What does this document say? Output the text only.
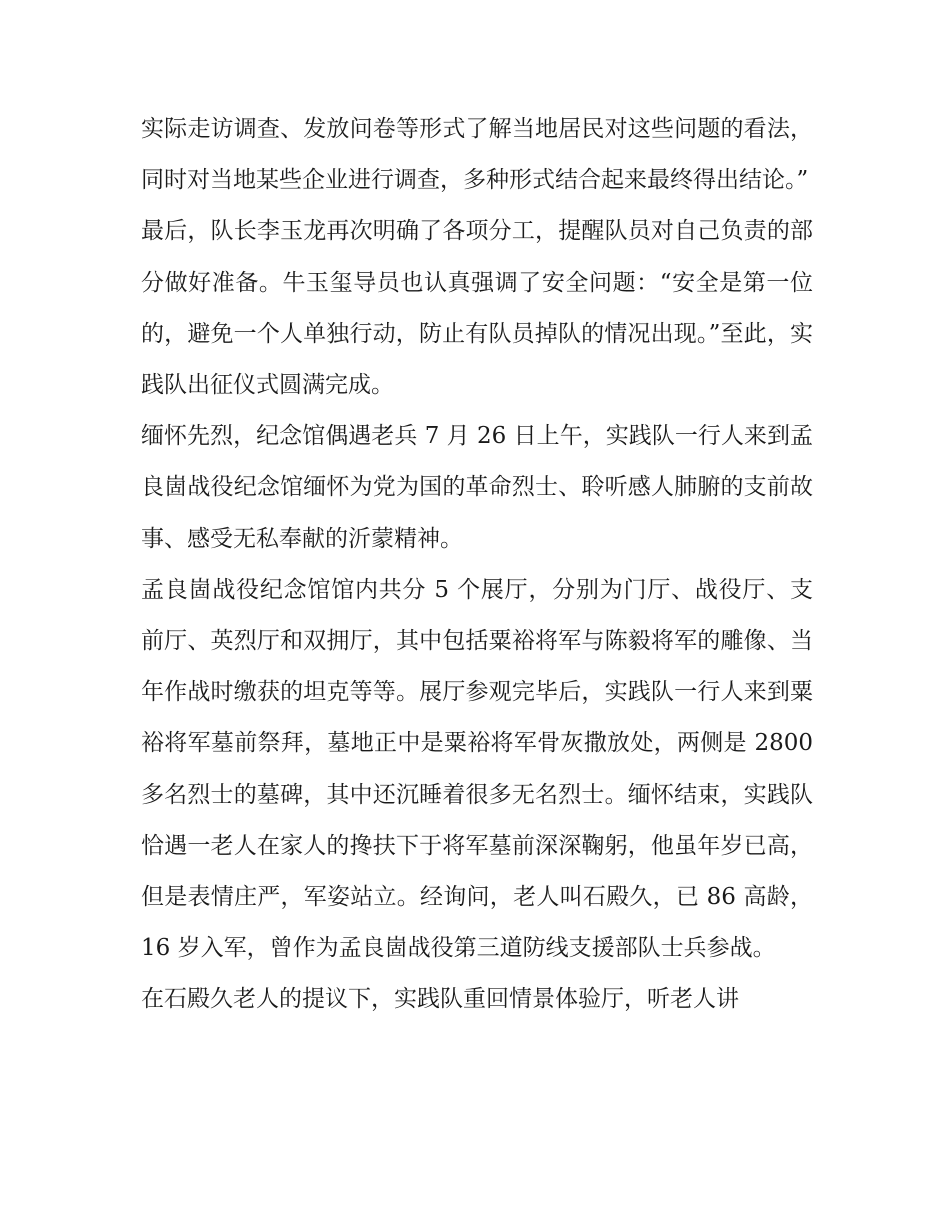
实际走访调查、发放问卷等形式了解当地居民对这些问题的看法，同时对当地某些企业进行调查，多种形式结合起来最终得出结论。”

最后，队长李玉龙再次明确了各项分工，提醒队员对自己负责的部分做好准备。牛玉玺导员也认真强调了安全问题：“安全是第一位的，避免一个人单独行动，防止有队员掉队的情况出现。”至此，实践队出征仪式圆满完成。

缅怀先烈，纪念馆偶遇老兵 7 月 26 日上午，实践队一行人来到孟良崮战役纪念馆缅怀为党为国的革命烈士、聆听感人肺腑的支前故事、感受无私奉献的沂蒙精神。

孟良崮战役纪念馆馆内共分 5 个展厅，分别为门厅、战役厅、支前厅、英烈厅和双拥厅，其中包括粟裕将军与陈毅将军的雕像、当年作战时缴获的坦克等等。展厅参观完毕后，实践队一行人来到粟裕将军墓前祭拜，墓地正中是粟裕将军骨灰撒放处，两侧是 2800 多名烈士的墓碑，其中还沉睡着很多无名烈士。缅怀结束，实践队恰遇一老人在家人的搀扶下于将军墓前深深鞠躬，他虽年岁已高，但是表情庄严，军姿站立。经询问，老人叫石殿久，已 86 高龄，16 岁入军，曾作为孟良崮战役第三道防线支援部队士兵参战。

在石殿久老人的提议下，实践队重回情景体验厅，听老人讲
